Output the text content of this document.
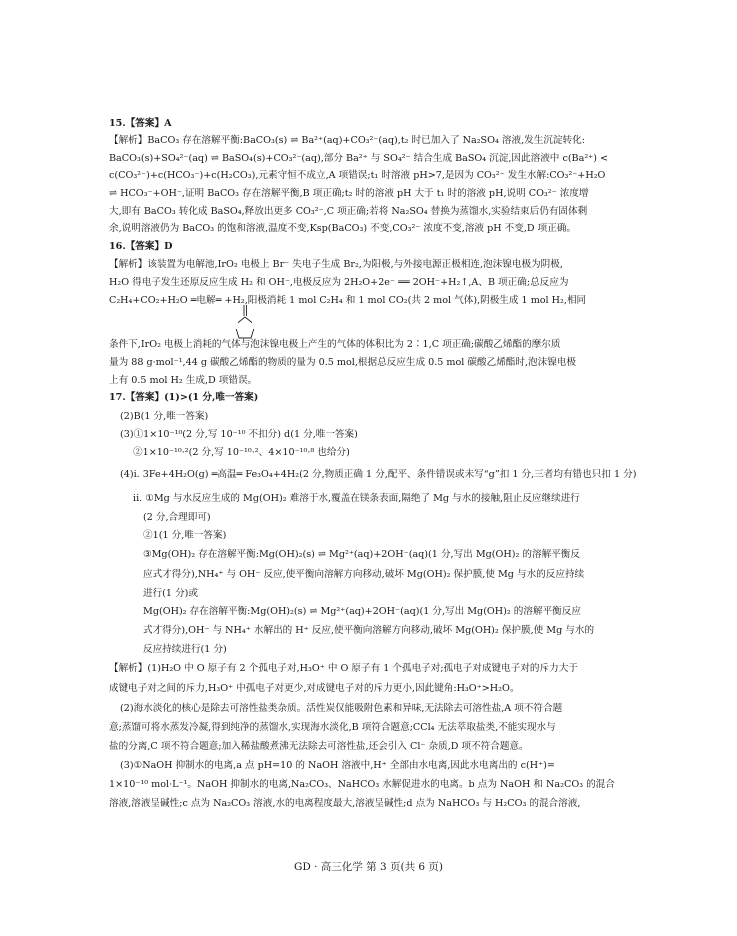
15.【答案】A
【解析】BaCO₃ 存在溶解平衡:BaCO₃(s) ⇌ Ba²⁺(aq)+CO₃²⁻(aq),t₂ 时已加入了 Na₂SO₄ 溶液,发生沉淀转化:
BaCO₃(s)+SO₄²⁻(aq) ⇌ BaSO₄(s)+CO₃²⁻(aq),部分 Ba²⁺ 与 SO₄²⁻ 结合生成 BaSO₄ 沉淀,因此溶液中 c(Ba²⁺) <
c(CO₃²⁻)+c(HCO₃⁻)+c(H₂CO₃),元素守恒不成立,A 项错误;t₁ 时溶液 pH>7,是因为 CO₃²⁻ 发生水解:CO₃²⁻+H₂O
⇌ HCO₃⁻+OH⁻,证明 BaCO₃ 存在溶解平衡,B 项正确;t₂ 时的溶液 pH 大于 t₁ 时的溶液 pH,说明 CO₃²⁻ 浓度增
大,即有 BaCO₃ 转化成 BaSO₄,释放出更多 CO₃²⁻,C 项正确;若将 Na₂SO₄ 替换为蒸馏水,实验结束后仍有固体剩
余,说明溶液仍为 BaCO₃ 的饱和溶液,温度不变,Ksp(BaCO₃) 不变,CO₃²⁻ 浓度不变,溶液 pH 不变,D 项正确。
16.【答案】D
【解析】该装置为电解池,IrO₂ 电极上 Br⁻ 失电子生成 Br₂,为阳极,与外接电源正极相连,泡沫镍电极为阴极,
H₂O 得电子发生还原反应生成 H₂ 和 OH⁻,电极反应为 2H₂O+2e⁻ ══ 2OH⁻+H₂↑,A、B 项正确;总反应为
C₂H₄+CO₂+H₂O ═电解═ +H₂,阳极消耗 1 mol C₂H₄ 和 1 mol CO₂(共 2 mol 气体),阴极生成 1 mol H₂,相同
条件下,IrO₂ 电极上消耗的气体与泡沫镍电极上产生的气体的体积比为 2∶1,C 项正确;碳酸乙烯酯的摩尔质
量为 88 g·mol⁻¹,44 g 碳酸乙烯酯的物质的量为 0.5 mol,根据总反应生成 0.5 mol 碳酸乙烯酯时,泡沫镍电极
上有 0.5 mol H₂ 生成,D 项错误。
17.【答案】(1)>(1 分,唯一答案)
(2)B(1 分,唯一答案)
(3)①1×10⁻¹⁰(2 分,写 10⁻¹⁰ 不扣分) d(1 分,唯一答案)
②1×10⁻¹⁰·²(2 分,写 10⁻¹⁰·²、4×10⁻¹⁰·⁸ 也给分)
(4)i. 3Fe+4H₂O(g) ═高温═ Fe₃O₄+4H₂(2 分,物质正确 1 分,配平、条件错误或未写“g”扣 1 分,三者均有错也只扣 1 分)
ii. ①Mg 与水反应生成的 Mg(OH)₂ 难溶于水,覆盖在镁条表面,隔绝了 Mg 与水的接触,阻止反应继续进行
(2 分,合理即可)
②1(1 分,唯一答案)
③Mg(OH)₂ 存在溶解平衡:Mg(OH)₂(s) ⇌ Mg²⁺(aq)+2OH⁻(aq)(1 分,写出 Mg(OH)₂ 的溶解平衡反
应式才得分),NH₄⁺ 与 OH⁻ 反应,使平衡向溶解方向移动,破坏 Mg(OH)₂ 保护膜,使 Mg 与水的反应持续
进行(1 分)或
Mg(OH)₂ 存在溶解平衡:Mg(OH)₂(s) ⇌ Mg²⁺(aq)+2OH⁻(aq)(1 分,写出 Mg(OH)₂ 的溶解平衡反应
式才得分),OH⁻ 与 NH₄⁺ 水解出的 H⁺ 反应,使平衡向溶解方向移动,破坏 Mg(OH)₂ 保护膜,使 Mg 与水的
反应持续进行(1 分)
【解析】(1)H₂O 中 O 原子有 2 个孤电子对,H₃O⁺ 中 O 原子有 1 个孤电子对;孤电子对成键电子对的斥力大于
成键电子对之间的斥力,H₃O⁺ 中孤电子对更少,对成键电子对的斥力更小,因此键角:H₃O⁺>H₂O。
(2)海水淡化的核心是除去可溶性盐类杂质。活性炭仅能吸附色素和异味,无法除去可溶性盐,A 项不符合题
意;蒸馏可将水蒸发冷凝,得到纯净的蒸馏水,实现海水淡化,B 项符合题意;CCl₄ 无法萃取盐类,不能实现水与
盐的分离,C 项不符合题意;加入稀盐酸煮沸无法除去可溶性盐,还会引入 Cl⁻ 杂质,D 项不符合题意。
(3)①NaOH 抑制水的电离,a 点 pH=10 的 NaOH 溶液中,H⁺ 全部由水电离,因此水电离出的 c(H⁺)=
1×10⁻¹⁰ mol·L⁻¹。NaOH 抑制水的电离,Na₂CO₃、NaHCO₃ 水解促进水的电离。b 点为 NaOH 和 Na₂CO₃ 的混合
溶液,溶液呈碱性;c 点为 Na₂CO₃ 溶液,水的电离程度最大,溶液呈碱性;d 点为 NaHCO₃ 与 H₂CO₃ 的混合溶液,
GD · 高三化学 第 3 页(共 6 页)
